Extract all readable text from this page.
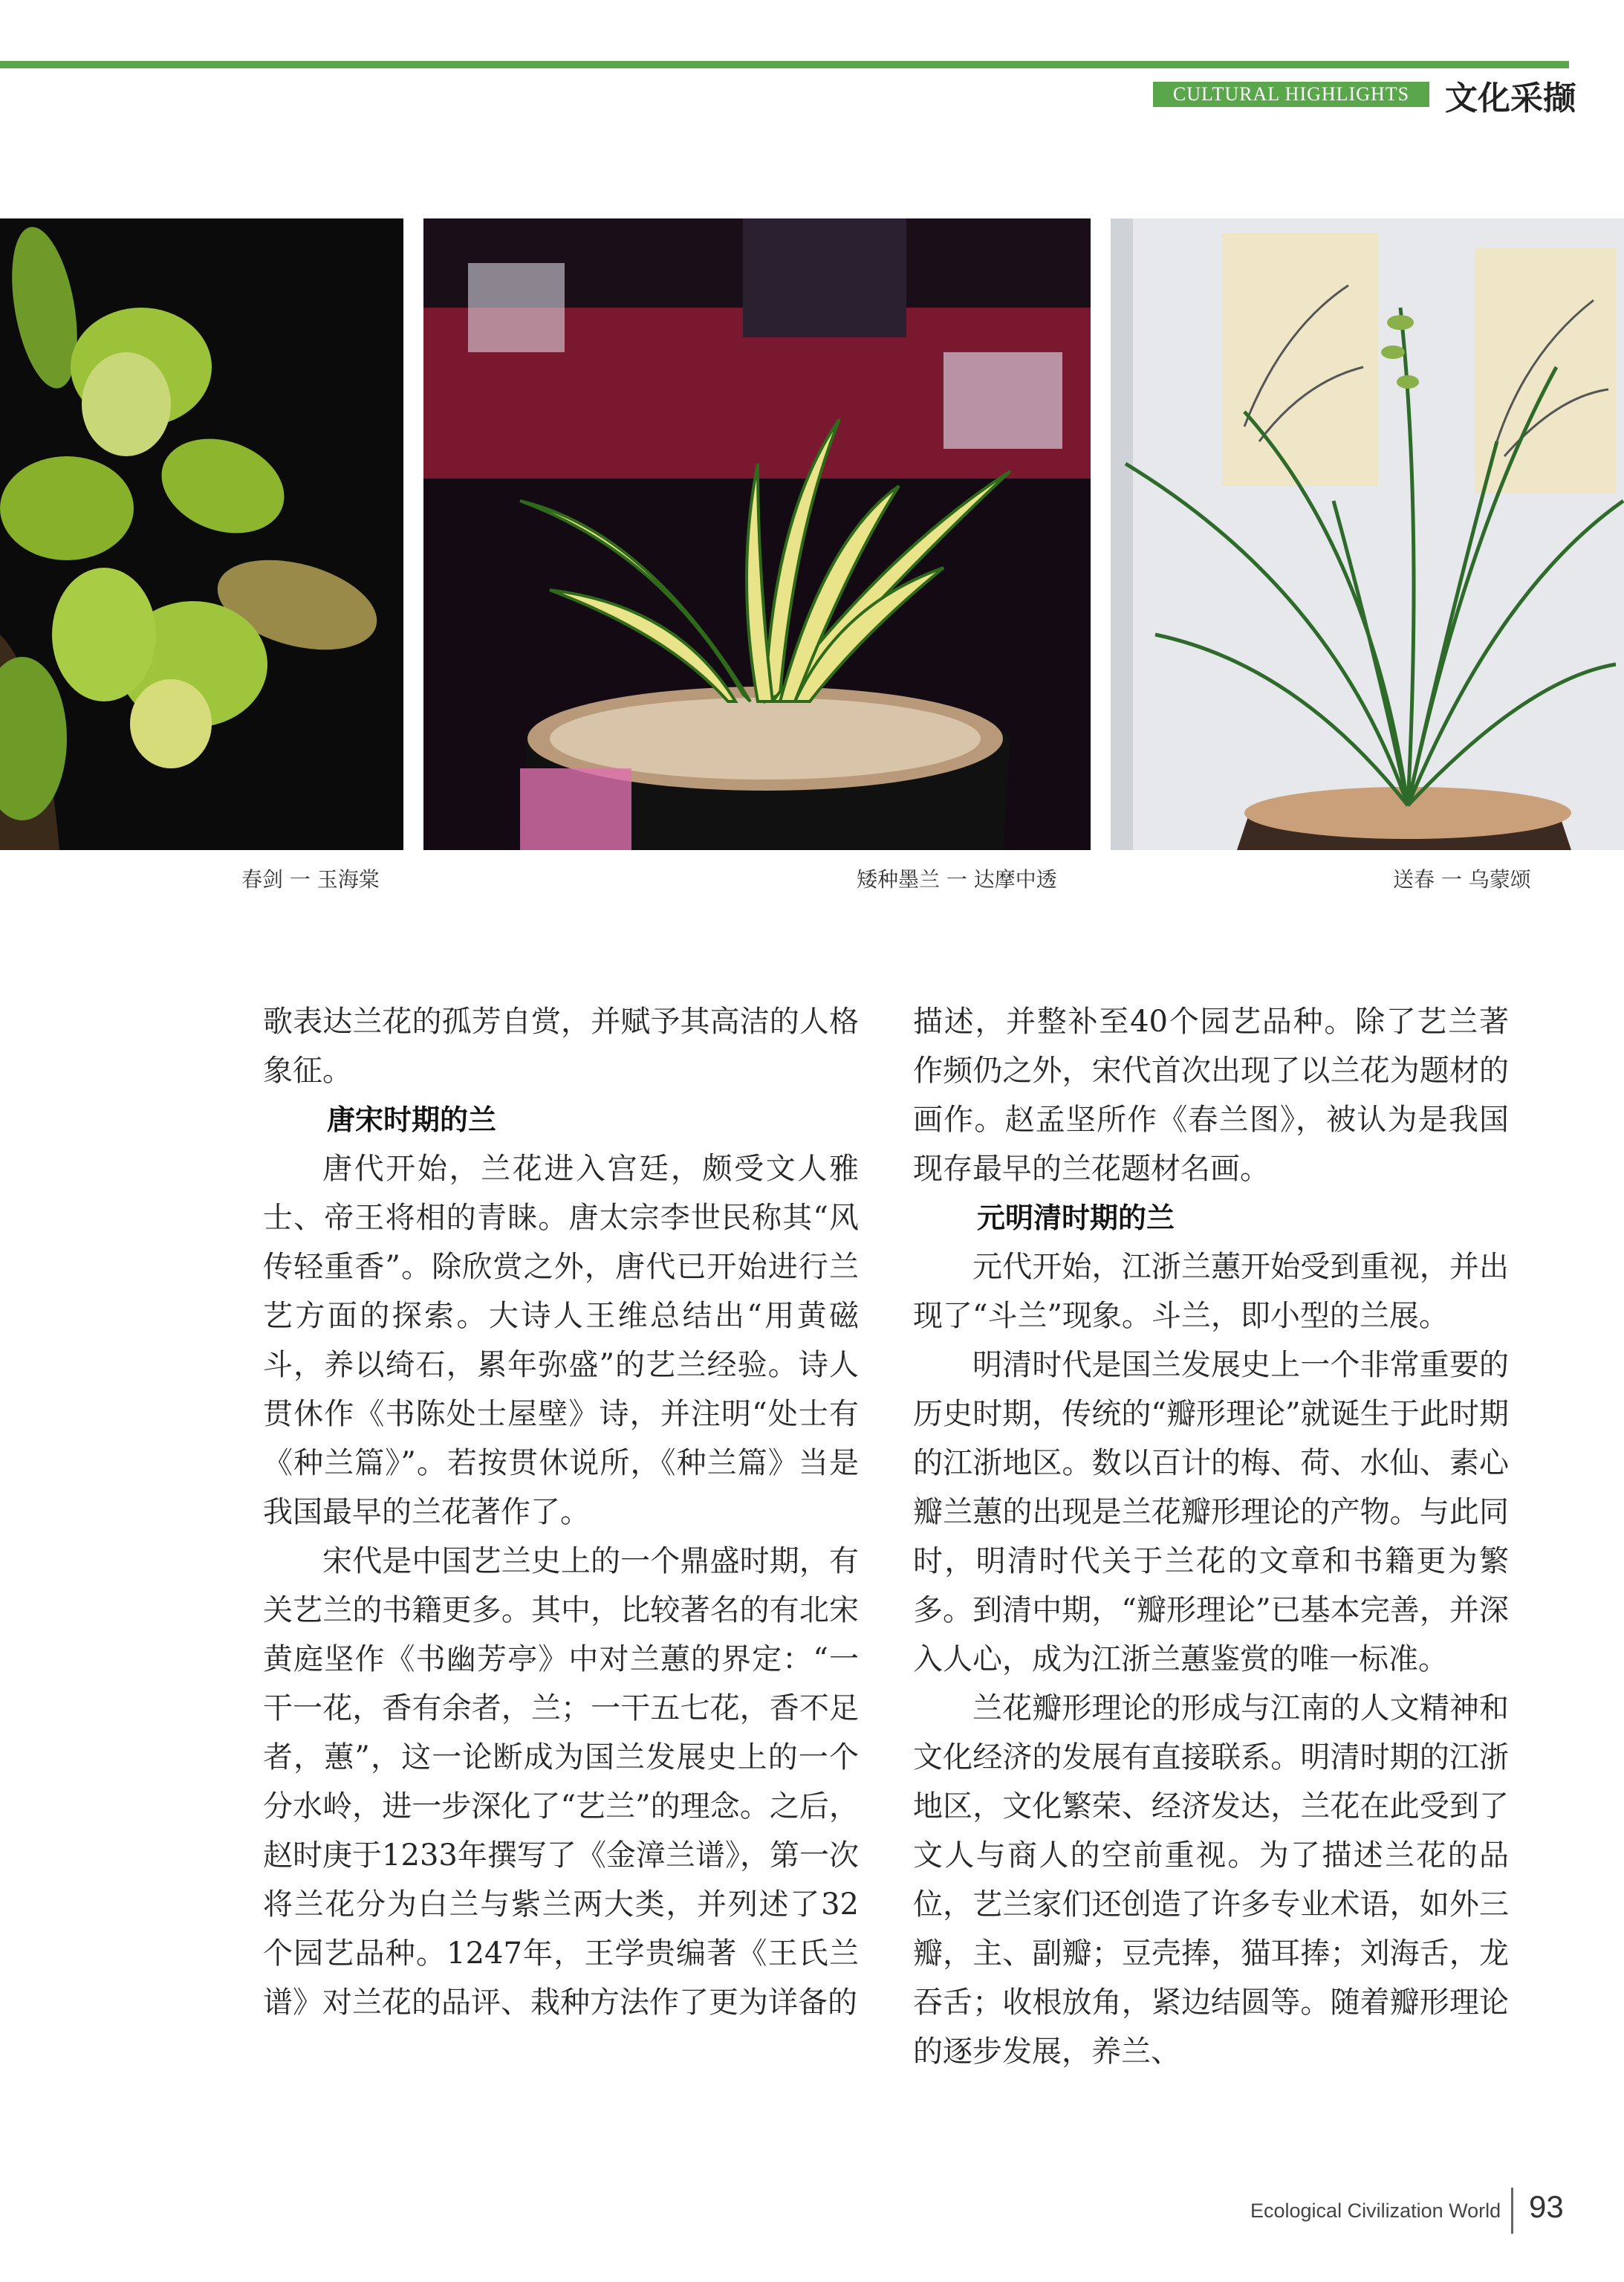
CULTURAL HIGHLIGHTS	文化采撷
春剑 一 玉海棠	矮种墨兰 一 达摩中透	送春 一 乌蒙颂

歌表达兰花的孤芳自赏，并赋予其高洁的人格象征。

唐宋时期的兰

唐代开始，兰花进入宫廷，颇受文人雅士、帝王将相的青睐。唐太宗李世民称其“风传轻重香”。除欣赏之外，唐代已开始进行兰艺方面的探索。大诗人王维总结出“用黄磁斗，养以绮石，累年弥盛”的艺兰经验。诗人贯休作《书陈处士屋壁》诗，并注明“处士有《种兰篇》”。若按贯休说所，《种兰篇》当是我国最早的兰花著作了。

宋代是中国艺兰史上的一个鼎盛时期，有关艺兰的书籍更多。其中，比较著名的有北宋黄庭坚作《书幽芳亭》中对兰蕙的界定：“一干一花，香有余者，兰；一干五七花，香不足者，蕙”，这一论断成为国兰发展史上的一个分水岭，进一步深化了“艺兰”的理念。之后，赵时庚于1233年撰写了《金漳兰谱》，第一次将兰花分为白兰与紫兰两大类，并列述了32个园艺品种。1247年，王学贵编著《王氏兰谱》对兰花的品评、栽种方法作了更为详备的

描述，并整补至40个园艺品种。除了艺兰著作频仍之外，宋代首次出现了以兰花为题材的画作。赵孟坚所作《春兰图》，被认为是我国现存最早的兰花题材名画。

元明清时期的兰

元代开始，江浙兰蕙开始受到重视，并出现了“斗兰”现象。斗兰，即小型的兰展。

明清时代是国兰发展史上一个非常重要的历史时期，传统的“瓣形理论”就诞生于此时期的江浙地区。数以百计的梅、荷、水仙、素心瓣兰蕙的出现是兰花瓣形理论的产物。与此同时，明清时代关于兰花的文章和书籍更为繁多。到清中期，“瓣形理论”已基本完善，并深入人心，成为江浙兰蕙鉴赏的唯一标准。

兰花瓣形理论的形成与江南的人文精神和文化经济的发展有直接联系。明清时期的江浙地区，文化繁荣、经济发达，兰花在此受到了文人与商人的空前重视。为了描述兰花的品位，艺兰家们还创造了许多专业术语，如外三瓣，主、副瓣；豆壳捧，猫耳捧；刘海舌，龙吞舌；收根放角，紧边结圆等。随着瓣形理论的逐步发展，养兰、

Ecological Civilization World 93
